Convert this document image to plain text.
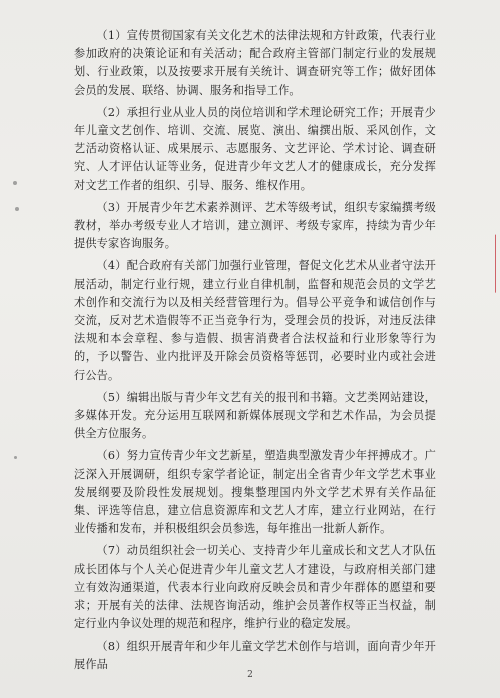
（1）宣传贯彻国家有关文化艺术的法律法规和方针政策，代表行业参加政府的决策论证和有关活动；配合政府主管部门制定行业的发展规划、行业政策，以及按要求开展有关统计、调查研究等工作；做好团体会员的发展、联络、协调、服务和指导工作。

（2）承担行业从业人员的岗位培训和学术理论研究工作；开展青少年儿童文艺创作、培训、交流、展览、演出、编撰出版、采风创作，文艺活动资格认证、成果展示、志愿服务、文艺评论、学术讨论、调查研究、人才评估认证等业务，促进青少年文艺人才的健康成长，充分发挥对文艺工作者的组织、引导、服务、维权作用。

（3）开展青少年艺术素养测评、艺术等级考试，组织专家编撰考级教材，举办考级专业人才培训，建立测评、考级专家库，持续为青少年提供专家咨询服务。

（4）配合政府有关部门加强行业管理，督促文化艺术从业者守法开展活动，制定行业行规，建立行业自律机制，监督和规范会员的文学艺术创作和交流行为以及相关经营管理行为。倡导公平竞争和诚信创作与交流，反对艺术造假等不正当竞争行为，受理会员的投诉，对违反法律法规和本会章程、参与造假、损害消费者合法权益和行业形象等行为的，予以警告、业内批评及开除会员资格等惩罚，必要时业内或社会进行公告。

（5）编辑出版与青少年文艺有关的报刊和书籍。文艺类网站建设，多媒体开发。充分运用互联网和新媒体展现文学和艺术作品，为会员提供全方位服务。

（6）努力宣传青少年文艺新星，塑造典型激发青少年抨搏成才。广泛深入开展调研，组织专家学者论证，制定出全省青少年文学艺术事业发展纲要及阶段性发展规划。搜集整理国内外文学艺术界有关作品征集、评选等信息，建立信息资源库和文艺人才库，建立行业网站，在行业传播和发布，并积极组织会员参选，每年推出一批新人新作。

（7）动员组织社会一切关心、支持青少年儿童成长和文艺人才队伍成长团体与个人关心促进青少年儿童文艺人才建设，与政府相关部门建立有效沟通渠道，代表本行业向政府反映会员和青少年群体的愿望和要求；开展有关的法律、法规咨询活动，维护会员著作权等正当权益，制定行业内争议处理的规范和程序，维护行业的稳定发展。

（8）组织开展青年和少年儿童文学艺术创作与培训，面向青少年开展作品

2
